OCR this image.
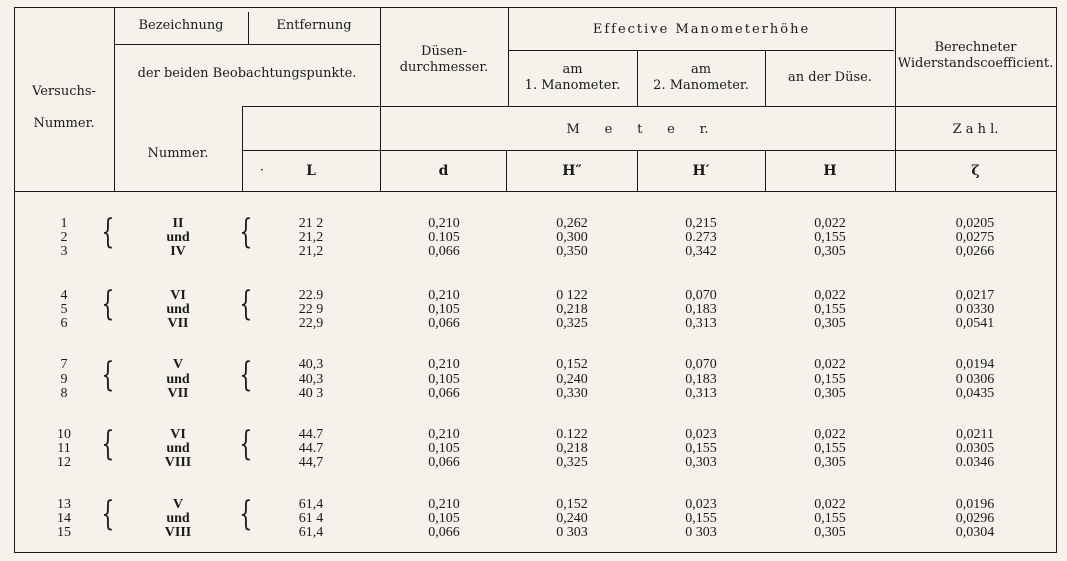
Versuchs-

Nummer.
Bezeichnung	Entfernung
der beiden Beobachtungspunkte.
Nummer.
Düsen-
durchmesser.
Effective Manometerhöhe
am
1. Manometer.
am
2. Manometer.
an der Düse.
Berechneter
Widerstandscoefficient.
M      e      t      e      r.	Z a h l.
·	L	d	H″	H′	H	ζ
{	{
{	{
{	{
{	{
{	{
1	II	21 2	0,210	0,262	0,215	0,022	0,0205
2	und	21,2	0.105	0,300	0.273	0,155	0,0275
3	IV	21,2	0,066	0,350	0,342	0,305	0,0266
4	VI	22.9	0,210	0 122	0,070	0,022	0,0217
5	und	22 9	0,105	0,218	0,183	0,155	0 0330
6	VII	22,9	0,066	0,325	0,313	0,305	0,0541
7	V	40,3	0,210	0,152	0,070	0,022	0,0194
9	und	40,3	0,105	0,240	0,183	0,155	0 0306
8	VII	40 3	0,066	0,330	0,313	0,305	0,0435
10	VI	44.7	0,210	0.122	0,023	0,022	0,0211
11	und	44.7	0,105	0,218	0,155	0,155	0.0305
12	VIII	44,7	0,066	0,325	0,303	0,305	0.0346
13	V	61,4	0,210	0,152	0,023	0,022	0,0196
14	und	61 4	0,105	0,240	0,155	0,155	0,0296
15	VIII	61,4	0,066	0 303	0 303	0,305	0,0304
